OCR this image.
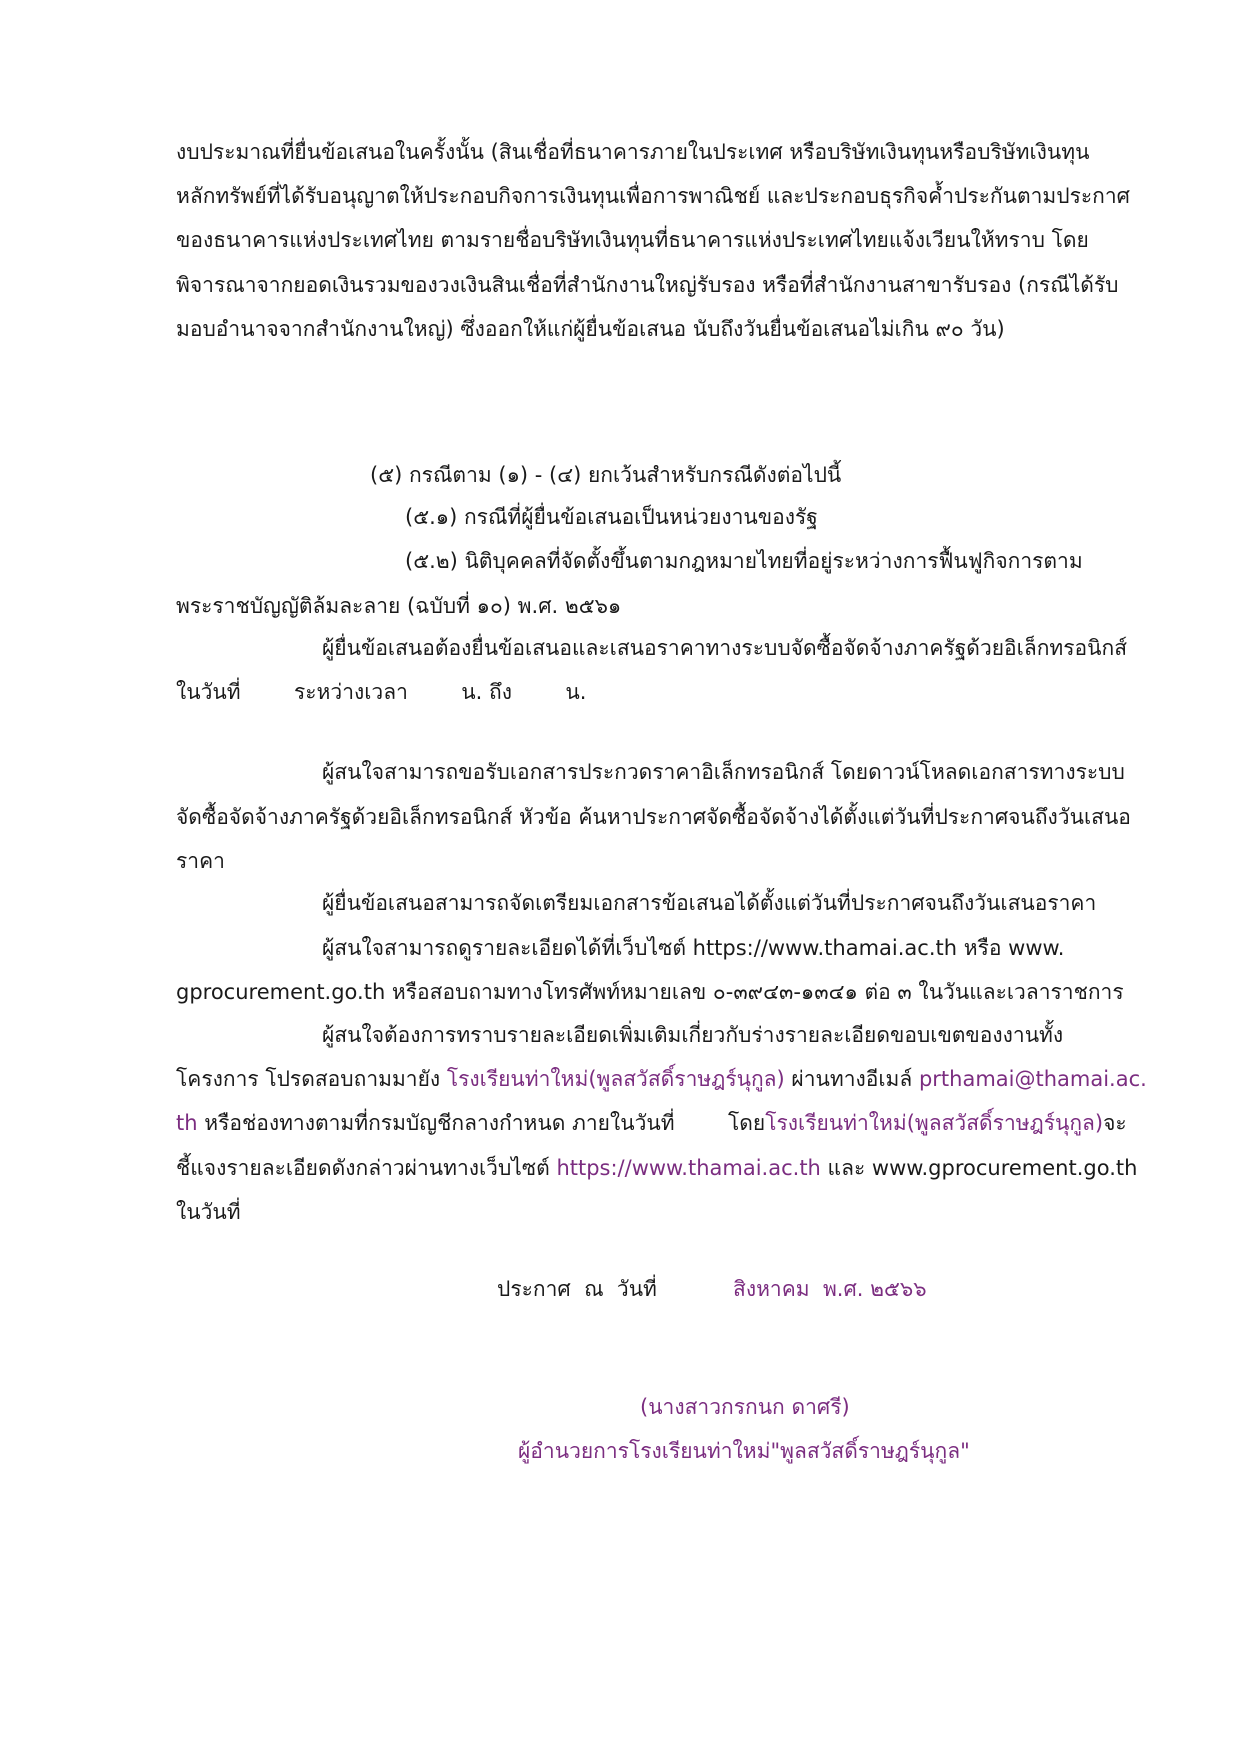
งบประมาณที่ยื่นข้อเสนอในครั้งนั้น (สินเชื่อที่ธนาคารภายในประเทศ หรือบริษัทเงินทุนหรือบริษัทเงินทุน
หลักทรัพย์ที่ได้รับอนุญาตให้ประกอบกิจการเงินทุนเพื่อการพาณิชย์ และประกอบธุรกิจค้ำประกันตามประกาศ
ของธนาคารแห่งประเทศไทย ตามรายชื่อบริษัทเงินทุนที่ธนาคารแห่งประเทศไทยแจ้งเวียนให้ทราบ โดย
พิจารณาจากยอดเงินรวมของวงเงินสินเชื่อที่สำนักงานใหญ่รับรอง หรือที่สำนักงานสาขารับรอง (กรณีได้รับ
มอบอำนาจจากสำนักงานใหญ่) ซึ่งออกให้แก่ผู้ยื่นข้อเสนอ นับถึงวันยื่นข้อเสนอไม่เกิน ๙๐ วัน)
(๕) กรณีตาม (๑) - (๔) ยกเว้นสำหรับกรณีดังต่อไปนี้
(๕.๑) กรณีที่ผู้ยื่นข้อเสนอเป็นหน่วยงานของรัฐ
(๕.๒) นิติบุคคลที่จัดตั้งขึ้นตามกฎหมายไทยที่อยู่ระหว่างการฟื้นฟูกิจการตาม
พระราชบัญญัติล้มละลาย (ฉบับที่ ๑๐) พ.ศ. ๒๕๖๑
ผู้ยื่นข้อเสนอต้องยื่นข้อเสนอและเสนอราคาทางระบบจัดซื้อจัดจ้างภาครัฐด้วยอิเล็กทรอนิกส์
ในวันที่        ระหว่างเวลา        น. ถึง        น.
ผู้สนใจสามารถขอรับเอกสารประกวดราคาอิเล็กทรอนิกส์ โดยดาวน์โหลดเอกสารทางระบบ
จัดซื้อจัดจ้างภาครัฐด้วยอิเล็กทรอนิกส์ หัวข้อ ค้นหาประกาศจัดซื้อจัดจ้างได้ตั้งแต่วันที่ประกาศจนถึงวันเสนอ
ราคา
ผู้ยื่นข้อเสนอสามารถจัดเตรียมเอกสารข้อเสนอได้ตั้งแต่วันที่ประกาศจนถึงวันเสนอราคา
ผู้สนใจสามารถดูรายละเอียดได้ที่เว็บไซต์ https://www.thamai.ac.th หรือ www.
gprocurement.go.th หรือสอบถามทางโทรศัพท์หมายเลข ๐-๓๙๔๓-๑๓๔๑ ต่อ ๓ ในวันและเวลาราชการ
ผู้สนใจต้องการทราบรายละเอียดเพิ่มเติมเกี่ยวกับร่างรายละเอียดขอบเขตของงานทั้ง
โครงการ โปรดสอบถามมายัง โรงเรียนท่าใหม่(พูลสวัสดิ์ราษฎร์นุกูล) ผ่านทางอีเมล์ prthamai@thamai.ac.
th หรือช่องทางตามที่กรมบัญชีกลางกำหนด ภายในวันที่        โดยโรงเรียนท่าใหม่(พูลสวัสดิ์ราษฎร์นุกูล)จะ
ชี้แจงรายละเอียดดังกล่าวผ่านทางเว็บไซต์ https://www.thamai.ac.th และ www.gprocurement.go.th
ในวันที่
ประกาศ  ณ  วันที่	สิงหาคม  พ.ศ. ๒๕๖๖
(นางสาวกรกนก ดาศรี)
ผู้อำนวยการโรงเรียนท่าใหม่"พูลสวัสดิ์ราษฎร์นุกูล"
